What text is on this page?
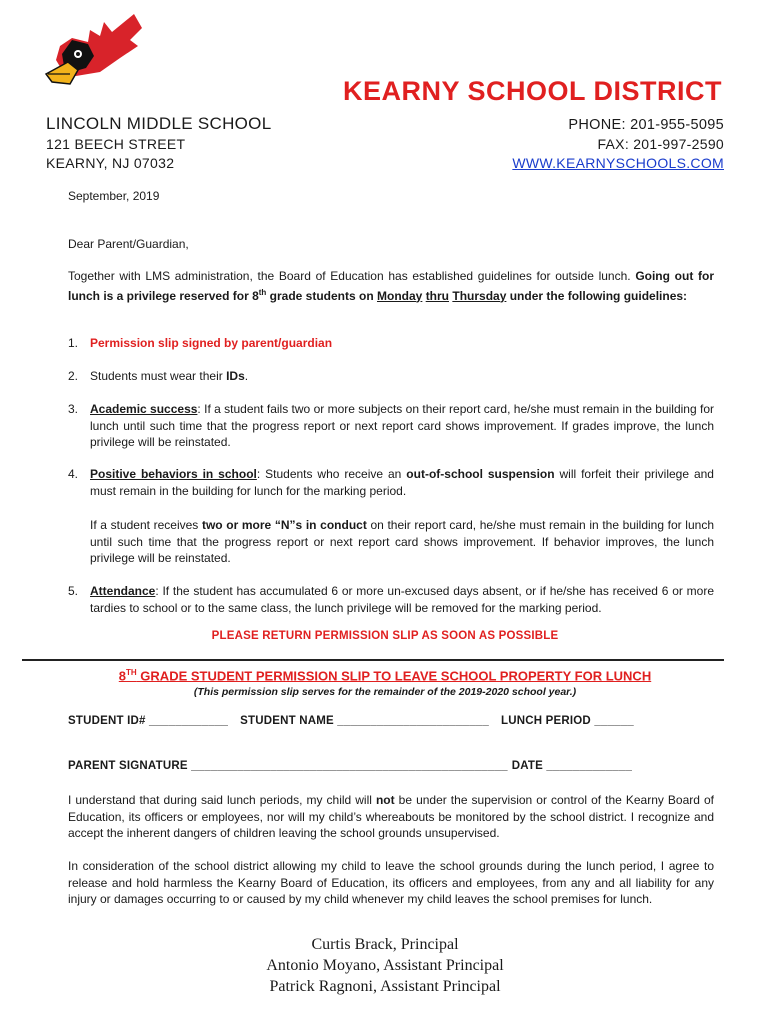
KEARNY SCHOOL DISTRICT
LINCOLN MIDDLE SCHOOL
121 BEECH STREET
KEARNY, NJ 07032
PHONE: 201-955-5095
FAX: 201-997-2590
WWW.KEARNYSCHOOLS.COM
September, 2019
Dear Parent/Guardian,
Together with LMS administration, the Board of Education has established guidelines for outside lunch. Going out for lunch is a privilege reserved for 8th grade students on Monday thru Thursday under the following guidelines:
1. Permission slip signed by parent/guardian
2. Students must wear their IDs.
3. Academic success: If a student fails two or more subjects on their report card, he/she must remain in the building for lunch until such time that the progress report or next report card shows improvement. If grades improve, the lunch privilege will be reinstated.
4. Positive behaviors in school: Students who receive an out-of-school suspension will forfeit their privilege and must remain in the building for lunch for the marking period.
If a student receives two or more “N”s in conduct on their report card, he/she must remain in the building for lunch until such time that the progress report or next report card shows improvement. If behavior improves, the lunch privilege will be reinstated.
5. Attendance: If the student has accumulated 6 or more un-excused days absent, or if he/she has received 6 or more tardies to school or to the same class, the lunch privilege will be removed for the marking period.
PLEASE RETURN PERMISSION SLIP AS SOON AS POSSIBLE
8TH GRADE STUDENT PERMISSION SLIP TO LEAVE SCHOOL PROPERTY FOR LUNCH
(This permission slip serves for the remainder of the 2019-2020 school year.)
STUDENT ID# ____________ STUDENT NAME _______________________ LUNCH PERIOD ______
PARENT SIGNATURE ________________________________________________ DATE _____________
I understand that during said lunch periods, my child will not be under the supervision or control of the Kearny Board of Education, its officers or employees, nor will my child’s whereabouts be monitored by the school district. I recognize and accept the inherent dangers of children leaving the school grounds unsupervised.
In consideration of the school district allowing my child to leave the school grounds during the lunch period, I agree to release and hold harmless the Kearny Board of Education, its officers and employees, from any and all liability for any injury or damages occurring to or caused by my child whenever my child leaves the school premises for lunch.
Curtis Brack, Principal
Antonio Moyano, Assistant Principal
Patrick Ragnoni, Assistant Principal
